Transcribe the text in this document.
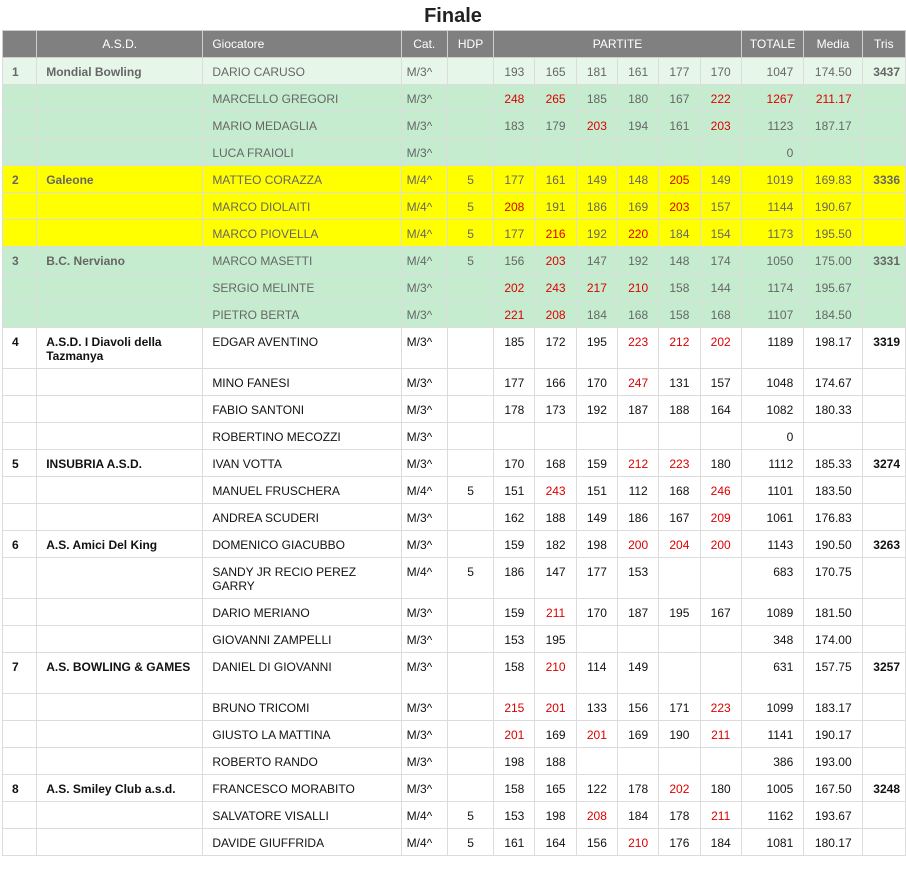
Finale
	A.S.D.	Giocatore	Cat.	HDP	PARTITE						TOTALE	Media	Tris

1	Mondial Bowling	DARIO CARUSO	M/3^		193	165	181	161	177	170	1047	174.50	3437

		MARCELLO GREGORI	M/3^		248	265	185	180	167	222	1267	211.17	

		MARIO MEDAGLIA	M/3^		183	179	203	194	161	203	1123	187.17	

		LUCA FRAIOLI	M/3^								0		

2	Galeone	MATTEO CORAZZA	M/4^	5	177	161	149	148	205	149	1019	169.83	3336

		MARCO DIOLAITI	M/4^	5	208	191	186	169	203	157	1144	190.67	

		MARCO PIOVELLA	M/4^	5	177	216	192	220	184	154	1173	195.50	

3	B.C. Nerviano	MARCO MASETTI	M/4^	5	156	203	147	192	148	174	1050	175.00	3331

		SERGIO MELINTE	M/3^		202	243	217	210	158	144	1174	195.67	

		PIETRO BERTA	M/3^		221	208	184	168	158	168	1107	184.50	

4	A.S.D. I Diavoli della Tazmanya	EDGAR AVENTINO	M/3^		185	172	195	223	212	202	1189	198.17	3319

		MINO FANESI	M/3^		177	166	170	247	131	157	1048	174.67	

		FABIO SANTONI	M/3^		178	173	192	187	188	164	1082	180.33	

		ROBERTINO MECOZZI	M/3^								0		

5	INSUBRIA A.S.D.	IVAN VOTTA	M/3^		170	168	159	212	223	180	1112	185.33	3274

		MANUEL FRUSCHERA	M/4^	5	151	243	151	112	168	246	1101	183.50	

		ANDREA SCUDERI	M/3^		162	188	149	186	167	209	1061	176.83	

6	A.S. Amici Del King	DOMENICO GIACUBBO	M/3^		159	182	198	200	204	200	1143	190.50	3263

		SANDY JR RECIO PEREZ GARRY	M/4^	5	186	147	177	153			683	170.75	

		DARIO MERIANO	M/3^		159	211	170	187	195	167	1089	181.50	

		GIOVANNI ZAMPELLI	M/3^		153	195					348	174.00	

7	A.S. BOWLING & GAMES	DANIEL DI GIOVANNI	M/3^		158	210	114	149			631	157.75	3257

		BRUNO TRICOMI	M/3^		215	201	133	156	171	223	1099	183.17	

		GIUSTO LA MATTINA	M/3^		201	169	201	169	190	211	1141	190.17	

		ROBERTO RANDO	M/3^		198	188					386	193.00	

8	A.S. Smiley Club a.s.d.	FRANCESCO MORABITO	M/3^		158	165	122	178	202	180	1005	167.50	3248

		SALVATORE VISALLI	M/4^	5	153	198	208	184	178	211	1162	193.67	

		DAVIDE GIUFFRIDA	M/4^	5	161	164	156	210	176	184	1081	180.17	
